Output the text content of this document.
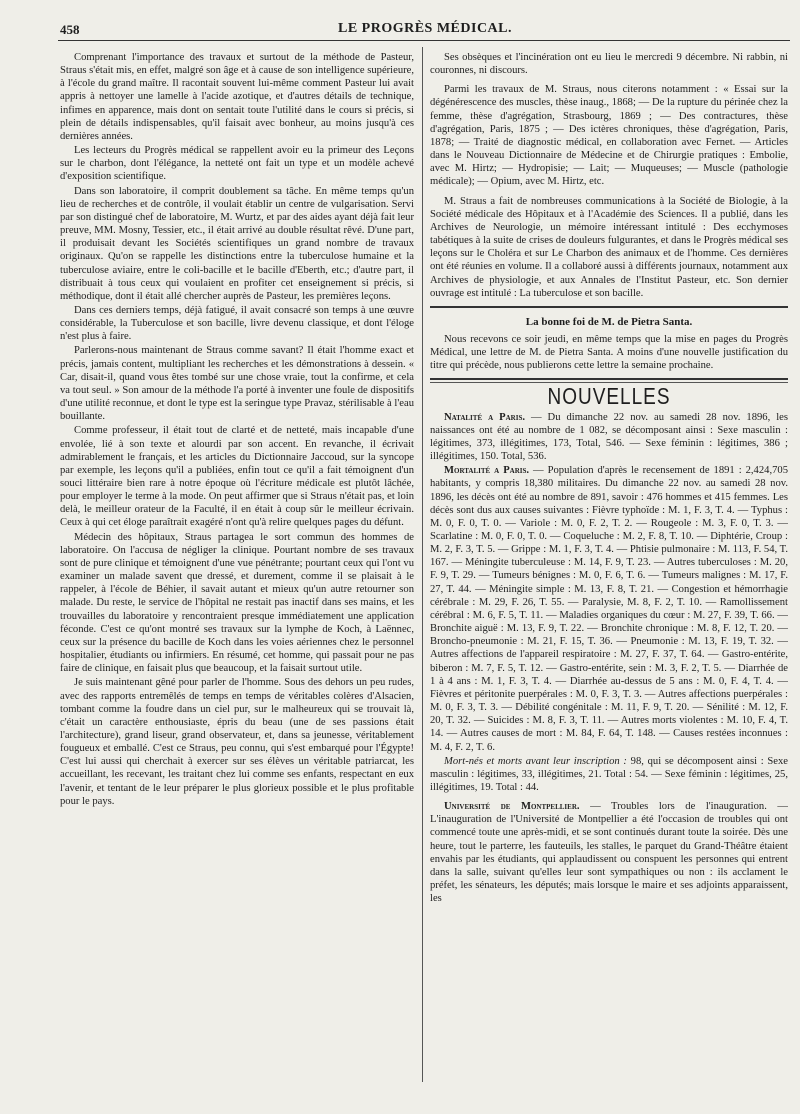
458	LE PROGRÈS MÉDICAL.

Comprenant l'importance des travaux et surtout de la méthode de Pasteur, Straus s'était mis, en effet, malgré son âge et à cause de son intelligence supérieure, à l'école du grand maître. Il racontait souvent lui-même comment Pasteur lui avait appris à nettoyer une lamelle à l'acide azotique, et d'autres détails de technique, infimes en apparence, mais dont on sentait toute l'utilité dans le cours si précis, si plein de détails indispensables, qu'il faisait avec bonheur, au moins jusqu'à ces dernières années.

Les lecteurs du Progrès médical se rappellent avoir eu la primeur des Leçons sur le charbon, dont l'élégance, la netteté ont fait un type et un modèle achevé d'exposition scientifique.

Dans son laboratoire, il comprit doublement sa tâche. En même temps qu'un lieu de recherches et de contrôle, il voulait établir un centre de vulgarisation. Servi par son distingué chef de laboratoire, M. Wurtz, et par des aides ayant déjà fait leur preuve, MM. Mosny, Tessier, etc., il était arrivé au double résultat rêvé. D'une part, il produisait devant les Sociétés scientifiques un grand nombre de travaux originaux. Qu'on se rappelle les distinctions entre la tuberculose humaine et la tuberculose aviaire, entre le coli-bacille et le bacille d'Eberth, etc.; d'autre part, il distribuait à tous ceux qui voulaient en profiter cet enseignement si précis, si méthodique, dont il était allé chercher auprès de Pasteur, les premières leçons.

Dans ces derniers temps, déjà fatigué, il avait consacré son temps à une œuvre considérable, la Tuberculose et son bacille, livre devenu classique, et dont l'éloge n'est plus à faire.

Parlerons-nous maintenant de Straus comme savant? Il était l'homme exact et précis, jamais content, multipliant les recherches et les démonstrations à dessein. « Car, disait-il, quand vous êtes tombé sur une chose vraie, tout la confirme, et cela va tout seul. » Son amour de la méthode l'a porté à inventer une foule de dispositifs d'une utilité reconnue, et dont le type est la seringue type Pravaz, stérilisable à l'eau bouillante.

Comme professeur, il était tout de clarté et de netteté, mais incapable d'une envolée, lié à son texte et alourdi par son accent. En revanche, il écrivait admirablement le français, et les articles du Dictionnaire Jaccoud, sur la syncope par exemple, les leçons qu'il a publiées, enfin tout ce qu'il a fait témoignent d'un souci littéraire bien rare à notre époque où l'écriture médicale est plutôt lâchée, pour employer le terme à la mode. On peut affirmer que si Straus n'était pas, et loin delà, le meilleur orateur de la Faculté, il en était à coup sûr le meilleur écrivain. Ceux à qui cet éloge paraîtrait exagéré n'ont qu'à relire quelques pages du défunt.

Médecin des hôpitaux, Straus partagea le sort commun des hommes de laboratoire. On l'accusa de négliger la clinique. Pourtant nombre de ses travaux sont de pure clinique et témoignent d'une vue pénétrante; pourtant ceux qui l'ont vu examiner un malade savent que dressé, et durement, comme il se plaisait à le rappeler, à l'école de Béhier, il savait autant et mieux qu'un autre retourner son malade. Du reste, le service de l'hôpital ne restait pas inactif dans ses mains, et les trouvailles du laboratoire y rencontraient presque immédiatement une application féconde. C'est ce qu'ont montré ses travaux sur la lymphe de Koch, à Laënnec, ceux sur la présence du bacille de Koch dans les voies aériennes chez le personnel hospitalier, étudiants ou infirmiers. En résumé, cet homme, qui passait pour ne pas faire de clinique, en faisait plus que beaucoup, et la faisait surtout utile.

Je suis maintenant gêné pour parler de l'homme. Sous des dehors un peu rudes, avec des rapports entremêlés de temps en temps de véritables colères d'Alsacien, tombant comme la foudre dans un ciel pur, sur le malheureux qui se trouvait là, c'était un caractère enthousiaste, épris du beau (une de ses passions était l'architecture), grand liseur, grand observateur, et, dans sa jeunesse, véritablement fougueux et emballé. C'est ce Straus, peu connu, qui s'est embarqué pour l'Égypte! C'est lui aussi qui cherchait à exercer sur ses élèves un véritable patriarcat, les accueillant, les recevant, les traitant chez lui comme ses enfants, respectant en eux l'avenir, et tentant de le leur préparer le plus glorieux possible et le plus profitable pour le pays.

Ses obsèques et l'incinération ont eu lieu le mercredi 9 décembre. Ni rabbin, ni couronnes, ni discours.

Parmi les travaux de M. Straus, nous citerons notamment : « Essai sur la dégénérescence des muscles, thèse inaug., 1868; — De la rupture du périnée chez la femme, thèse d'agrégation, Strasbourg, 1869 ; — Des contractures, thèse d'agrégation, Paris, 1875 ; — Des ictères chroniques, thèse d'agrégation, Paris, 1878; — Traité de diagnostic médical, en collaboration avec Fernet. — Articles dans le Nouveau Dictionnaire de Médecine et de Chirurgie pratiques : Embolie, avec M. Hirtz; — Hydropisie; — Lait; — Muqueuses; — Muscle (pathologie médicale); — Opium, avec M. Hirtz, etc.

M. Straus a fait de nombreuses communications à la Société de Biologie, à la Société médicale des Hôpitaux et à l'Académie des Sciences. Il a publié, dans les Archives de Neurologie, un mémoire intéressant intitulé : Des ecchymoses tabétiques à la suite de crises de douleurs fulgurantes, et dans le Progrès médical ses leçons sur le Choléra et sur Le Charbon des animaux et de l'homme. Ces dernières ont été réunies en volume. Il a collaboré aussi à différents journaux, notamment aux Archives de physiologie, et aux Annales de l'Institut Pasteur, etc. Son dernier ouvrage est intitulé : La tuberculose et son bacille.

La bonne foi de M. de Pietra Santa.

Nous recevons ce soir jeudi, en même temps que la mise en pages du Progrès Médical, une lettre de M. de Pietra Santa. A moins d'une nouvelle justification du titre qui précède, nous publierons cette lettre la semaine prochaine.

NOUVELLES

Natalité a Paris. — Du dimanche 22 nov. au samedi 28 nov. 1896, les naissances ont été au nombre de 1 082, se décomposant ainsi : Sexe masculin : légitimes, 373, illégitimes, 173, Total, 546. — Sexe féminin : légitimes, 386 ; illégitimes, 150. Total, 536.

Mortalité a Paris. — Population d'après le recensement de 1891 : 2,424,705 habitants, y compris 18,380 militaires. Du dimanche 22 nov. au samedi 28 nov. 1896, les décès ont été au nombre de 891, savoir : 476 hommes et 415 femmes. Les décès sont dus aux causes suivantes : Fièvre typhoïde : M. 1, F. 3, T. 4. — Typhus : M. 0, F. 0, T. 0. — Variole : M. 0, F. 2, T. 2. — Rougeole : M. 3, F. 0, T. 3. — Scarlatine : M. 0, F. 0, T. 0. — Coqueluche : M. 2, F. 8, T. 10. — Diphtérie, Croup : M. 2, F. 3, T. 5. — Grippe : M. 1, F. 3, T. 4. — Phtisie pulmonaire : M. 113, F. 54, T. 167. — Méningite tuberculeuse : M. 14, F. 9, T. 23. — Autres tuberculoses : M. 20, F. 9, T. 29. — Tumeurs bénignes : M. 0, F. 6, T. 6. — Tumeurs malignes : M. 17, F. 27, T. 44. — Méningite simple : M. 13, F. 8, T. 21. — Congestion et hémorrhagie cérébrale : M. 29, F. 26, T. 55. — Paralysie, M. 8, F. 2, T. 10. — Ramollissement cérébral : M. 6, F. 5, T. 11. — Maladies organiques du cœur : M. 27, F. 39, T. 66. — Bronchite aiguë : M. 13, F. 9, T. 22. — Bronchite chronique : M. 8, F. 12, T. 20. — Broncho-pneumonie : M. 21, F. 15, T. 36. — Pneumonie : M. 13, F. 19, T. 32. — Autres affections de l'appareil respiratoire : M. 27, F. 37, T. 64. — Gastro-entérite, biberon : M. 7, F. 5, T. 12. — Gastro-entérite, sein : M. 3, F. 2, T. 5. — Diarrhée de 1 à 4 ans : M. 1, F. 3, T. 4. — Diarrhée au-dessus de 5 ans : M. 0, F. 4, T. 4. — Fièvres et péritonite puerpérales : M. 0, F. 3, T. 3. — Autres affections puerpérales : M. 0, F. 3, T. 3. — Débilité congénitale : M. 11, F. 9, T. 20. — Sénilité : M. 12, F. 20, T. 32. — Suicides : M. 8, F. 3, T. 11. — Autres morts violentes : M. 10, F. 4, T. 14. — Autres causes de mort : M. 84, F. 64, T. 148. — Causes restées inconnues : M. 4, F. 2, T. 6.

Mort-nés et morts avant leur inscription : 98, qui se décomposent ainsi : Sexe masculin : légitimes, 33, illégitimes, 21. Total : 54. — Sexe féminin : légitimes, 25, illégitimes, 19. Total : 44.

Université de Montpellier. — Troubles lors de l'inauguration. — L'inauguration de l'Université de Montpellier a été l'occasion de troubles qui ont commencé toute une après-midi, et se sont continués durant toute la soirée. Dès une heure, tout le parterre, les fauteuils, les stalles, le parquet du Grand-Théâtre étaient envahis par les étudiants, qui applaudissent ou conspuent les personnes qui entrent dans la salle, suivant qu'elles leur sont sympathiques ou non : ils acclament le préfet, les sénateurs, les députés; mais lorsque le maire et ses adjoints apparaissent, les
